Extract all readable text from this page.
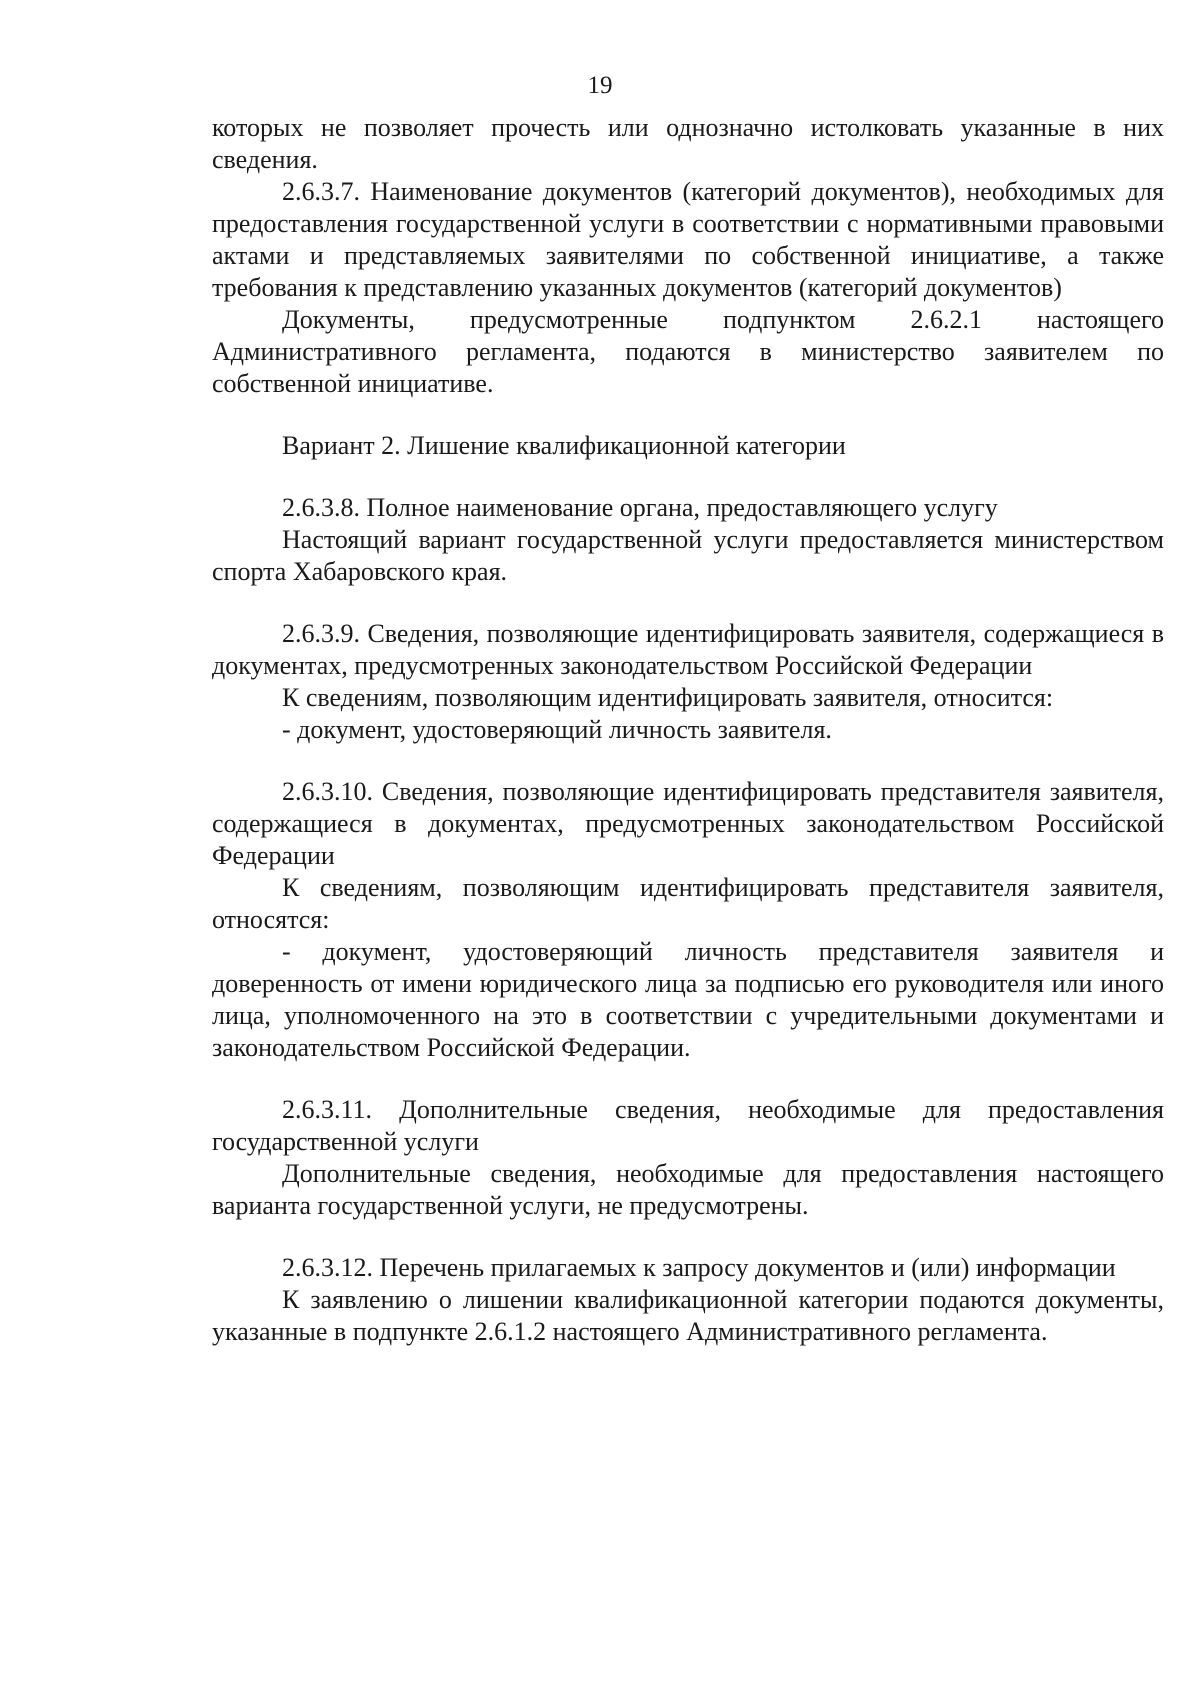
19

которых не позволяет прочесть или однозначно истолковать указанные в них сведения.

2.6.3.7. Наименование документов (категорий документов), необходимых для предоставления государственной услуги в соответствии с нормативными правовыми актами и представляемых заявителями по собственной инициативе, а также требования к представлению указанных документов (категорий документов)

Документы, предусмотренные подпунктом 2.6.2.1 настоящего Административного регламента, подаются в министерство заявителем по собственной инициативе.

Вариант 2. Лишение квалификационной категории

2.6.3.8. Полное наименование органа, предоставляющего услугу

Настоящий вариант государственной услуги предоставляется министерством спорта Хабаровского края.

2.6.3.9. Сведения, позволяющие идентифицировать заявителя, содержащиеся в документах, предусмотренных законодательством Российской Федерации

К сведениям, позволяющим идентифицировать заявителя, относится:

- документ, удостоверяющий личность заявителя.

2.6.3.10. Сведения, позволяющие идентифицировать представителя заявителя, содержащиеся в документах, предусмотренных законодательством Российской Федерации

К сведениям, позволяющим идентифицировать представителя заявителя, относятся:

- документ, удостоверяющий личность представителя заявителя и доверенность от имени юридического лица за подписью его руководителя или иного лица, уполномоченного на это в соответствии с учредительными документами и законодательством Российской Федерации.

2.6.3.11. Дополнительные сведения, необходимые для предоставления государственной услуги

Дополнительные сведения, необходимые для предоставления настоящего варианта государственной услуги, не предусмотрены.

2.6.3.12. Перечень прилагаемых к запросу документов и (или) информации

К заявлению о лишении квалификационной категории подаются документы, указанные в подпункте 2.6.1.2 настоящего Административного регламента.
